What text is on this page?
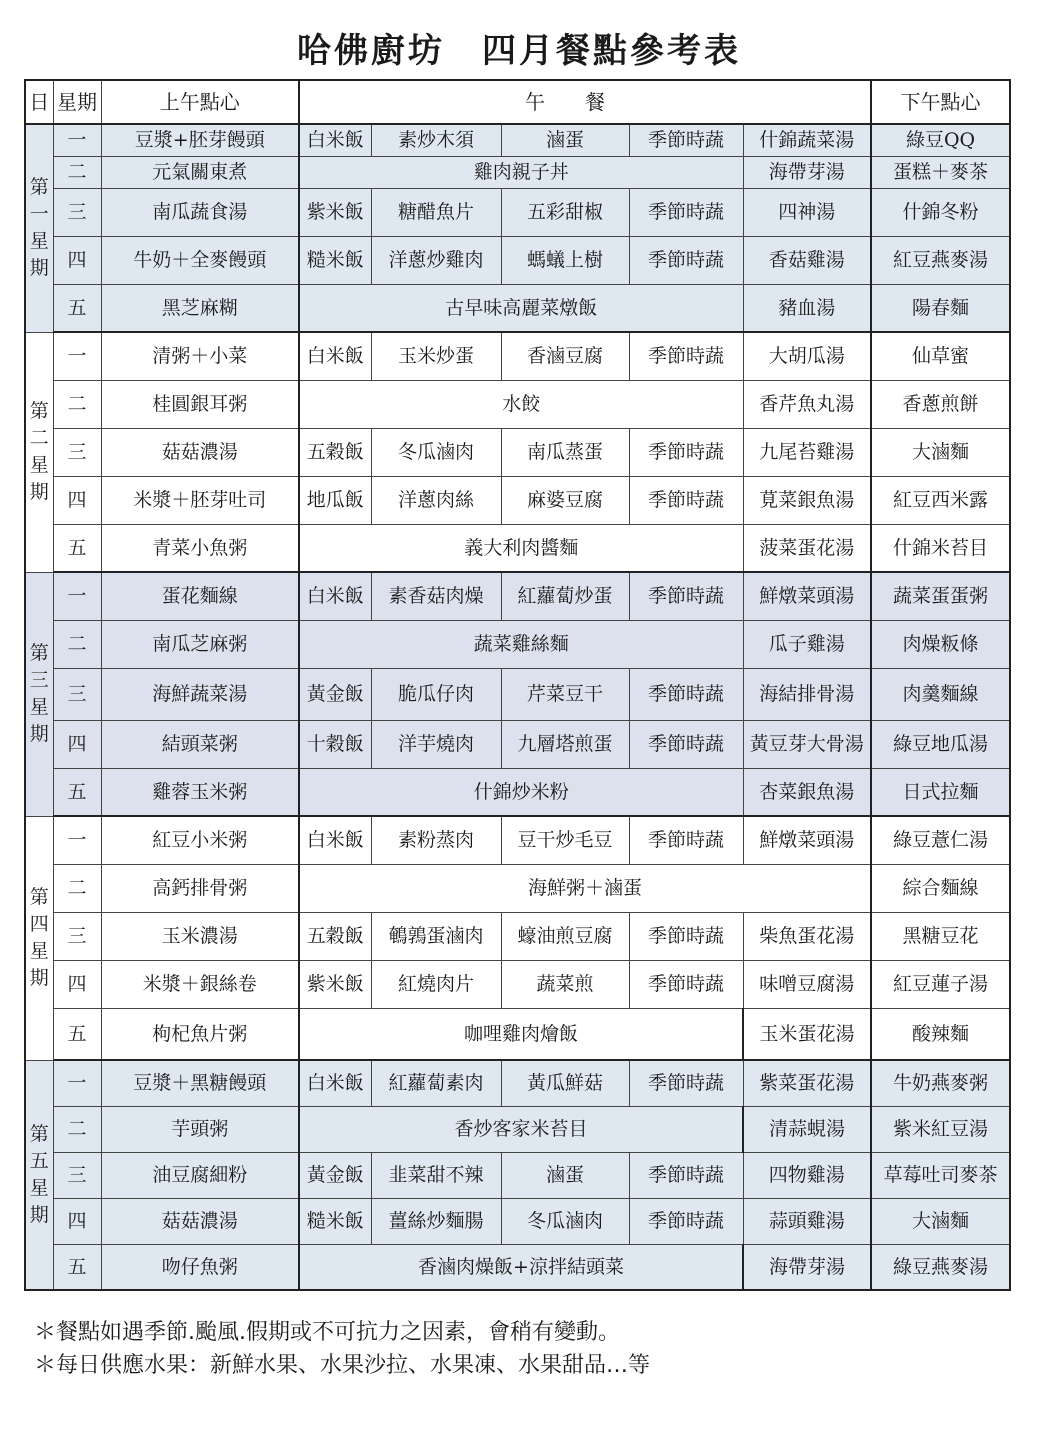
哈佛廚坊　四月餐點參考表
日	星期	上午點心	午餐					下午點心

第
一
星
期	一	豆漿+胚芽饅頭	白米飯	素炒木須	滷蛋	季節時蔬	什錦蔬菜湯	綠豆QQ
	二	元氣關東煮	雞肉親子丼				海帶芽湯	蛋糕＋麥茶
	三	南瓜蔬食湯	紫米飯	糖醋魚片	五彩甜椒	季節時蔬	四神湯	什錦冬粉
	四	牛奶＋全麥饅頭	糙米飯	洋蔥炒雞肉	螞蟻上樹	季節時蔬	香菇雞湯	紅豆燕麥湯
	五	黑芝麻糊	古早味高麗菜燉飯				豬血湯	陽春麵

第
二
星
期	一	清粥＋小菜	白米飯	玉米炒蛋	香滷豆腐	季節時蔬	大胡瓜湯	仙草蜜
	二	桂圓銀耳粥	水餃				香芹魚丸湯	香蔥煎餅
	三	菇菇濃湯	五穀飯	冬瓜滷肉	南瓜蒸蛋	季節時蔬	九尾苔雞湯	大滷麵
	四	米漿＋胚芽吐司	地瓜飯	洋蔥肉絲	麻婆豆腐	季節時蔬	莧菜銀魚湯	紅豆西米露
	五	青菜小魚粥	義大利肉醬麵				菠菜蛋花湯	什錦米苔目

第
三
星
期	一	蛋花麵線	白米飯	素香菇肉燥	紅蘿蔔炒蛋	季節時蔬	鮮燉菜頭湯	蔬菜蛋蛋粥
	二	南瓜芝麻粥	蔬菜雞絲麵				瓜子雞湯	肉燥粄條
	三	海鮮蔬菜湯	黃金飯	脆瓜仔肉	芹菜豆干	季節時蔬	海結排骨湯	肉羹麵線
	四	結頭菜粥	十穀飯	洋芋燒肉	九層塔煎蛋	季節時蔬	黃豆芽大骨湯	綠豆地瓜湯
	五	雞蓉玉米粥	什錦炒米粉				杏菜銀魚湯	日式拉麵

第
四
星
期	一	紅豆小米粥	白米飯	素粉蒸肉	豆干炒毛豆	季節時蔬	鮮燉菜頭湯	綠豆薏仁湯
	二	高鈣排骨粥	海鮮粥＋滷蛋					綜合麵線
	三	玉米濃湯	五穀飯	鵪鶉蛋滷肉	蠔油煎豆腐	季節時蔬	柴魚蛋花湯	黑糖豆花
	四	米漿＋銀絲卷	紫米飯	紅燒肉片	蔬菜煎	季節時蔬	味噌豆腐湯	紅豆蓮子湯
	五	枸杞魚片粥	咖哩雞肉燴飯				玉米蛋花湯	酸辣麵

第
五
星
期	一	豆漿＋黑糖饅頭	白米飯	紅蘿蔔素肉	黃瓜鮮菇	季節時蔬	紫菜蛋花湯	牛奶燕麥粥
	二	芋頭粥	香炒客家米苔目				清蒜蜆湯	紫米紅豆湯
	三	油豆腐細粉	黃金飯	韭菜甜不辣	滷蛋	季節時蔬	四物雞湯	草莓吐司麥茶
	四	菇菇濃湯	糙米飯	薑絲炒麵腸	冬瓜滷肉	季節時蔬	蒜頭雞湯	大滷麵
	五	吻仔魚粥	香滷肉燥飯+涼拌結頭菜				海帶芽湯	綠豆燕麥湯
＊餐點如遇季節.颱風.假期或不可抗力之因素，會稍有變動。
＊每日供應水果：新鮮水果、水果沙拉、水果凍、水果甜品…等
